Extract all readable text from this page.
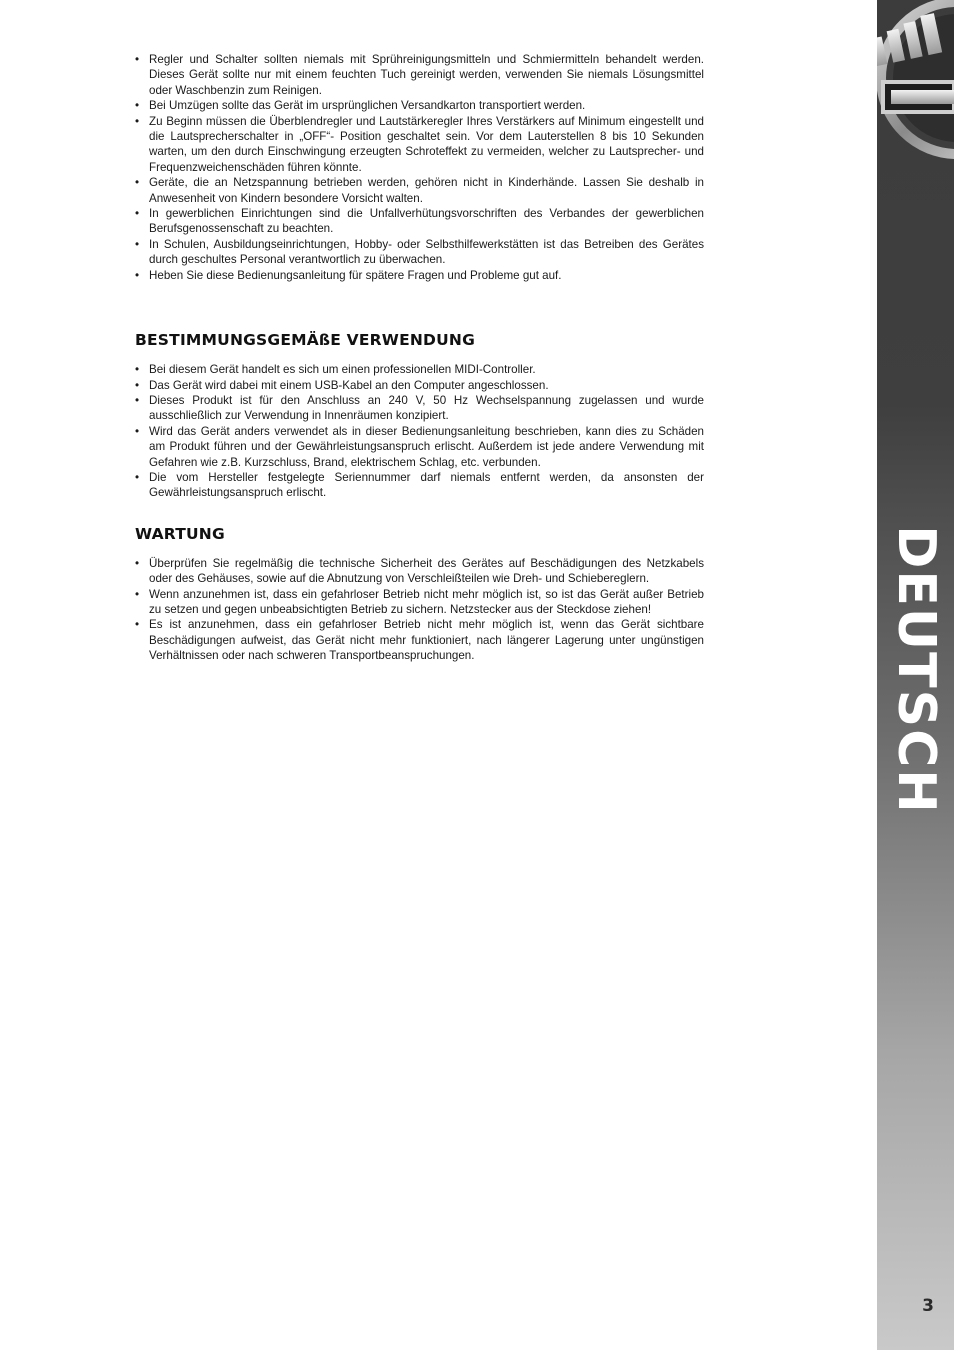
• Regler und Schalter sollten niemals mit Sprühreinigungsmitteln und Schmiermitteln behandelt werden. Dieses Gerät sollte nur mit einem feuchten Tuch gereinigt werden, verwenden Sie niemals Lösungsmittel oder Waschbenzin zum Reinigen.
• Bei Umzügen sollte das Gerät im ursprünglichen Versandkarton transportiert werden.
• Zu Beginn müssen die Überblendregler und Lautstärkeregler Ihres Verstärkers auf Minimum eingestellt und die Lautsprecherschalter in „OFF“- Position geschaltet sein. Vor dem Lauterstellen 8 bis 10 Sekunden warten, um den durch Einschwingung erzeugten Schroteffekt zu vermeiden, welcher zu Lautsprecher- und Frequenzweichenschäden führen könnte.
• Geräte, die an Netzspannung betrieben werden, gehören nicht in Kinderhände. Lassen Sie deshalb in Anwesenheit von Kindern besondere Vorsicht walten.
• In gewerblichen Einrichtungen sind die Unfallverhütungsvorschriften des Verbandes der gewerblichen Berufsgenossenschaft zu beachten.
• In Schulen, Ausbildungseinrichtungen, Hobby- oder Selbsthilfewerkstätten ist das Betreiben des Gerätes durch geschultes Personal verantwortlich zu überwachen.
• Heben Sie diese Bedienungsanleitung für spätere Fragen und Probleme gut auf.
BESTIMMUNGSGEMÄßE VERWENDUNG
• Bei diesem Gerät handelt es sich um einen professionellen MIDI-Controller.
• Das Gerät wird dabei mit einem USB-Kabel an den Computer angeschlossen.
• Dieses Produkt ist für den Anschluss an 240 V, 50 Hz Wechselspannung zugelassen und wurde ausschließlich zur Verwendung in Innenräumen konzipiert.
• Wird das Gerät anders verwendet als in dieser Bedienungsanleitung beschrieben, kann dies zu Schäden am Produkt führen und der Gewährleistungsanspruch erlischt. Außerdem ist jede andere Verwendung mit Gefahren wie z.B. Kurzschluss, Brand, elektrischem Schlag, etc. verbunden.
• Die vom Hersteller festgelegte Seriennummer darf niemals entfernt werden, da ansonsten der Gewährleistungsanspruch erlischt.
WARTUNG
• Überprüfen Sie regelmäßig die technische Sicherheit des Gerätes auf Beschädigungen des Netzkabels oder des Gehäuses, sowie auf die Abnutzung von Verschleißteilen wie Dreh- und Schiebereglern.
• Wenn anzunehmen ist, dass ein gefahrloser Betrieb nicht mehr möglich ist, so ist das Gerät außer Betrieb zu setzen und gegen unbeabsichtigten Betrieb zu sichern. Netzstecker aus der Steckdose ziehen!
• Es ist anzunehmen, dass ein gefahrloser Betrieb nicht mehr möglich ist, wenn das Gerät sichtbare Beschädigungen aufweist, das Gerät nicht mehr funktioniert, nach längerer Lagerung unter ungünstigen Verhältnissen oder nach schweren Transportbeanspruchungen.	DEUTSCH
3
